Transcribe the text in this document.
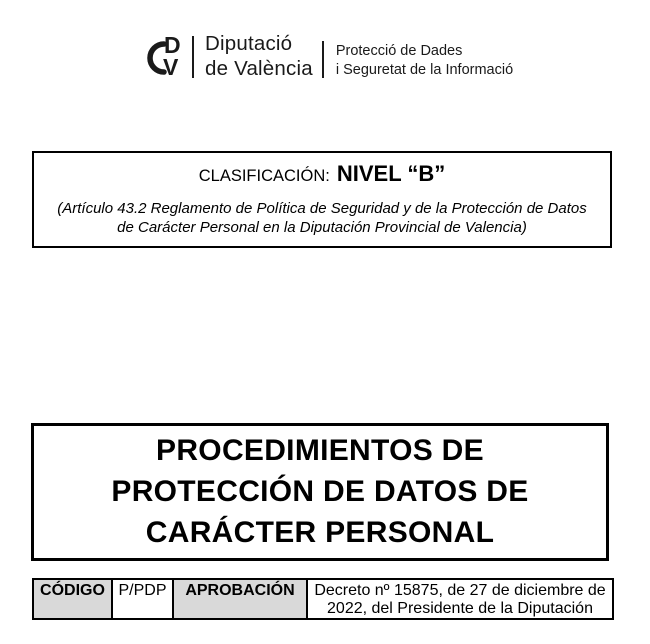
D
V
Diputació
de València
Protecció de Dades
i Seguretat de la Informació
CLASIFICACIÓN: NIVEL “B”
(Artículo 43.2 Reglamento de Política de Seguridad y de la Protección de Datos
de Carácter Personal en la Diputación Provincial de Valencia)
PROCEDIMIENTOS DE
PROTECCIÓN DE DATOS DE
CARÁCTER PERSONAL
CÓDIGO	P/PDP	APROBACIÓN	Decreto nº 15875, de 27 de diciembre de
2022, del Presidente de la Diputación
